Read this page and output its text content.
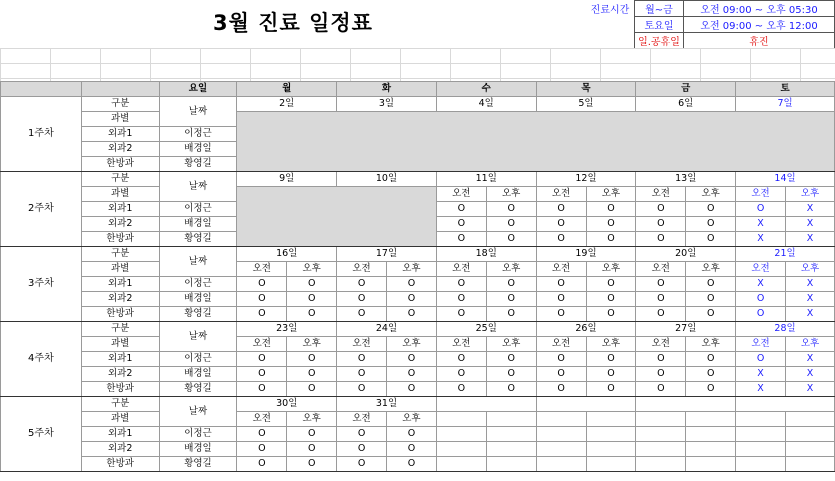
3월 진료 일정표	진료시간	월~금	오전 09:00 ~ 오후 05:30
	토요일	오전 09:00 ~ 오후 12:00
	일.공휴일	휴진
		요일	월		화		수		목		금		토	
1주차	구분	날짜	2일		3일		4일		5일		6일		7일	
	과별													
	외과1	이정근												
	외과2	배경일												
	한방과	황영길												
2주차	구분	날짜	9일		10일		11일		12일		13일		14일	
	과별						오전	오후	오전	오후	오전	오후	오전	오후
	외과1	이정근					O	O	O	O	O	O	O	X
	외과2	배경일					O	O	O	O	O	O	X	X
	한방과	황영길					O	O	O	O	O	O	X	X
3주차	구분	날짜	16일		17일		18일		19일		20일		21일	
	과별		오전	오후	오전	오후	오전	오후	오전	오후	오전	오후	오전	오후
	외과1	이정근	O	O	O	O	O	O	O	O	O	O	X	X
	외과2	배경일	O	O	O	O	O	O	O	O	O	O	O	X
	한방과	황영길	O	O	O	O	O	O	O	O	O	O	O	X
4주차	구분	날짜	23일		24일		25일		26일		27일		28일	
	과별		오전	오후	오전	오후	오전	오후	오전	오후	오전	오후	오전	오후
	외과1	이정근	O	O	O	O	O	O	O	O	O	O	O	X
	외과2	배경일	O	O	O	O	O	O	O	O	O	O	X	X
	한방과	황영길	O	O	O	O	O	O	O	O	O	O	X	X
5주차	구분	날짜	30일		31일									
	과별		오전	오후	오전	오후								
	외과1	이정근	O	O	O	O								
	외과2	배경일	O	O	O	O								
	한방과	황영길	O	O	O	O								
